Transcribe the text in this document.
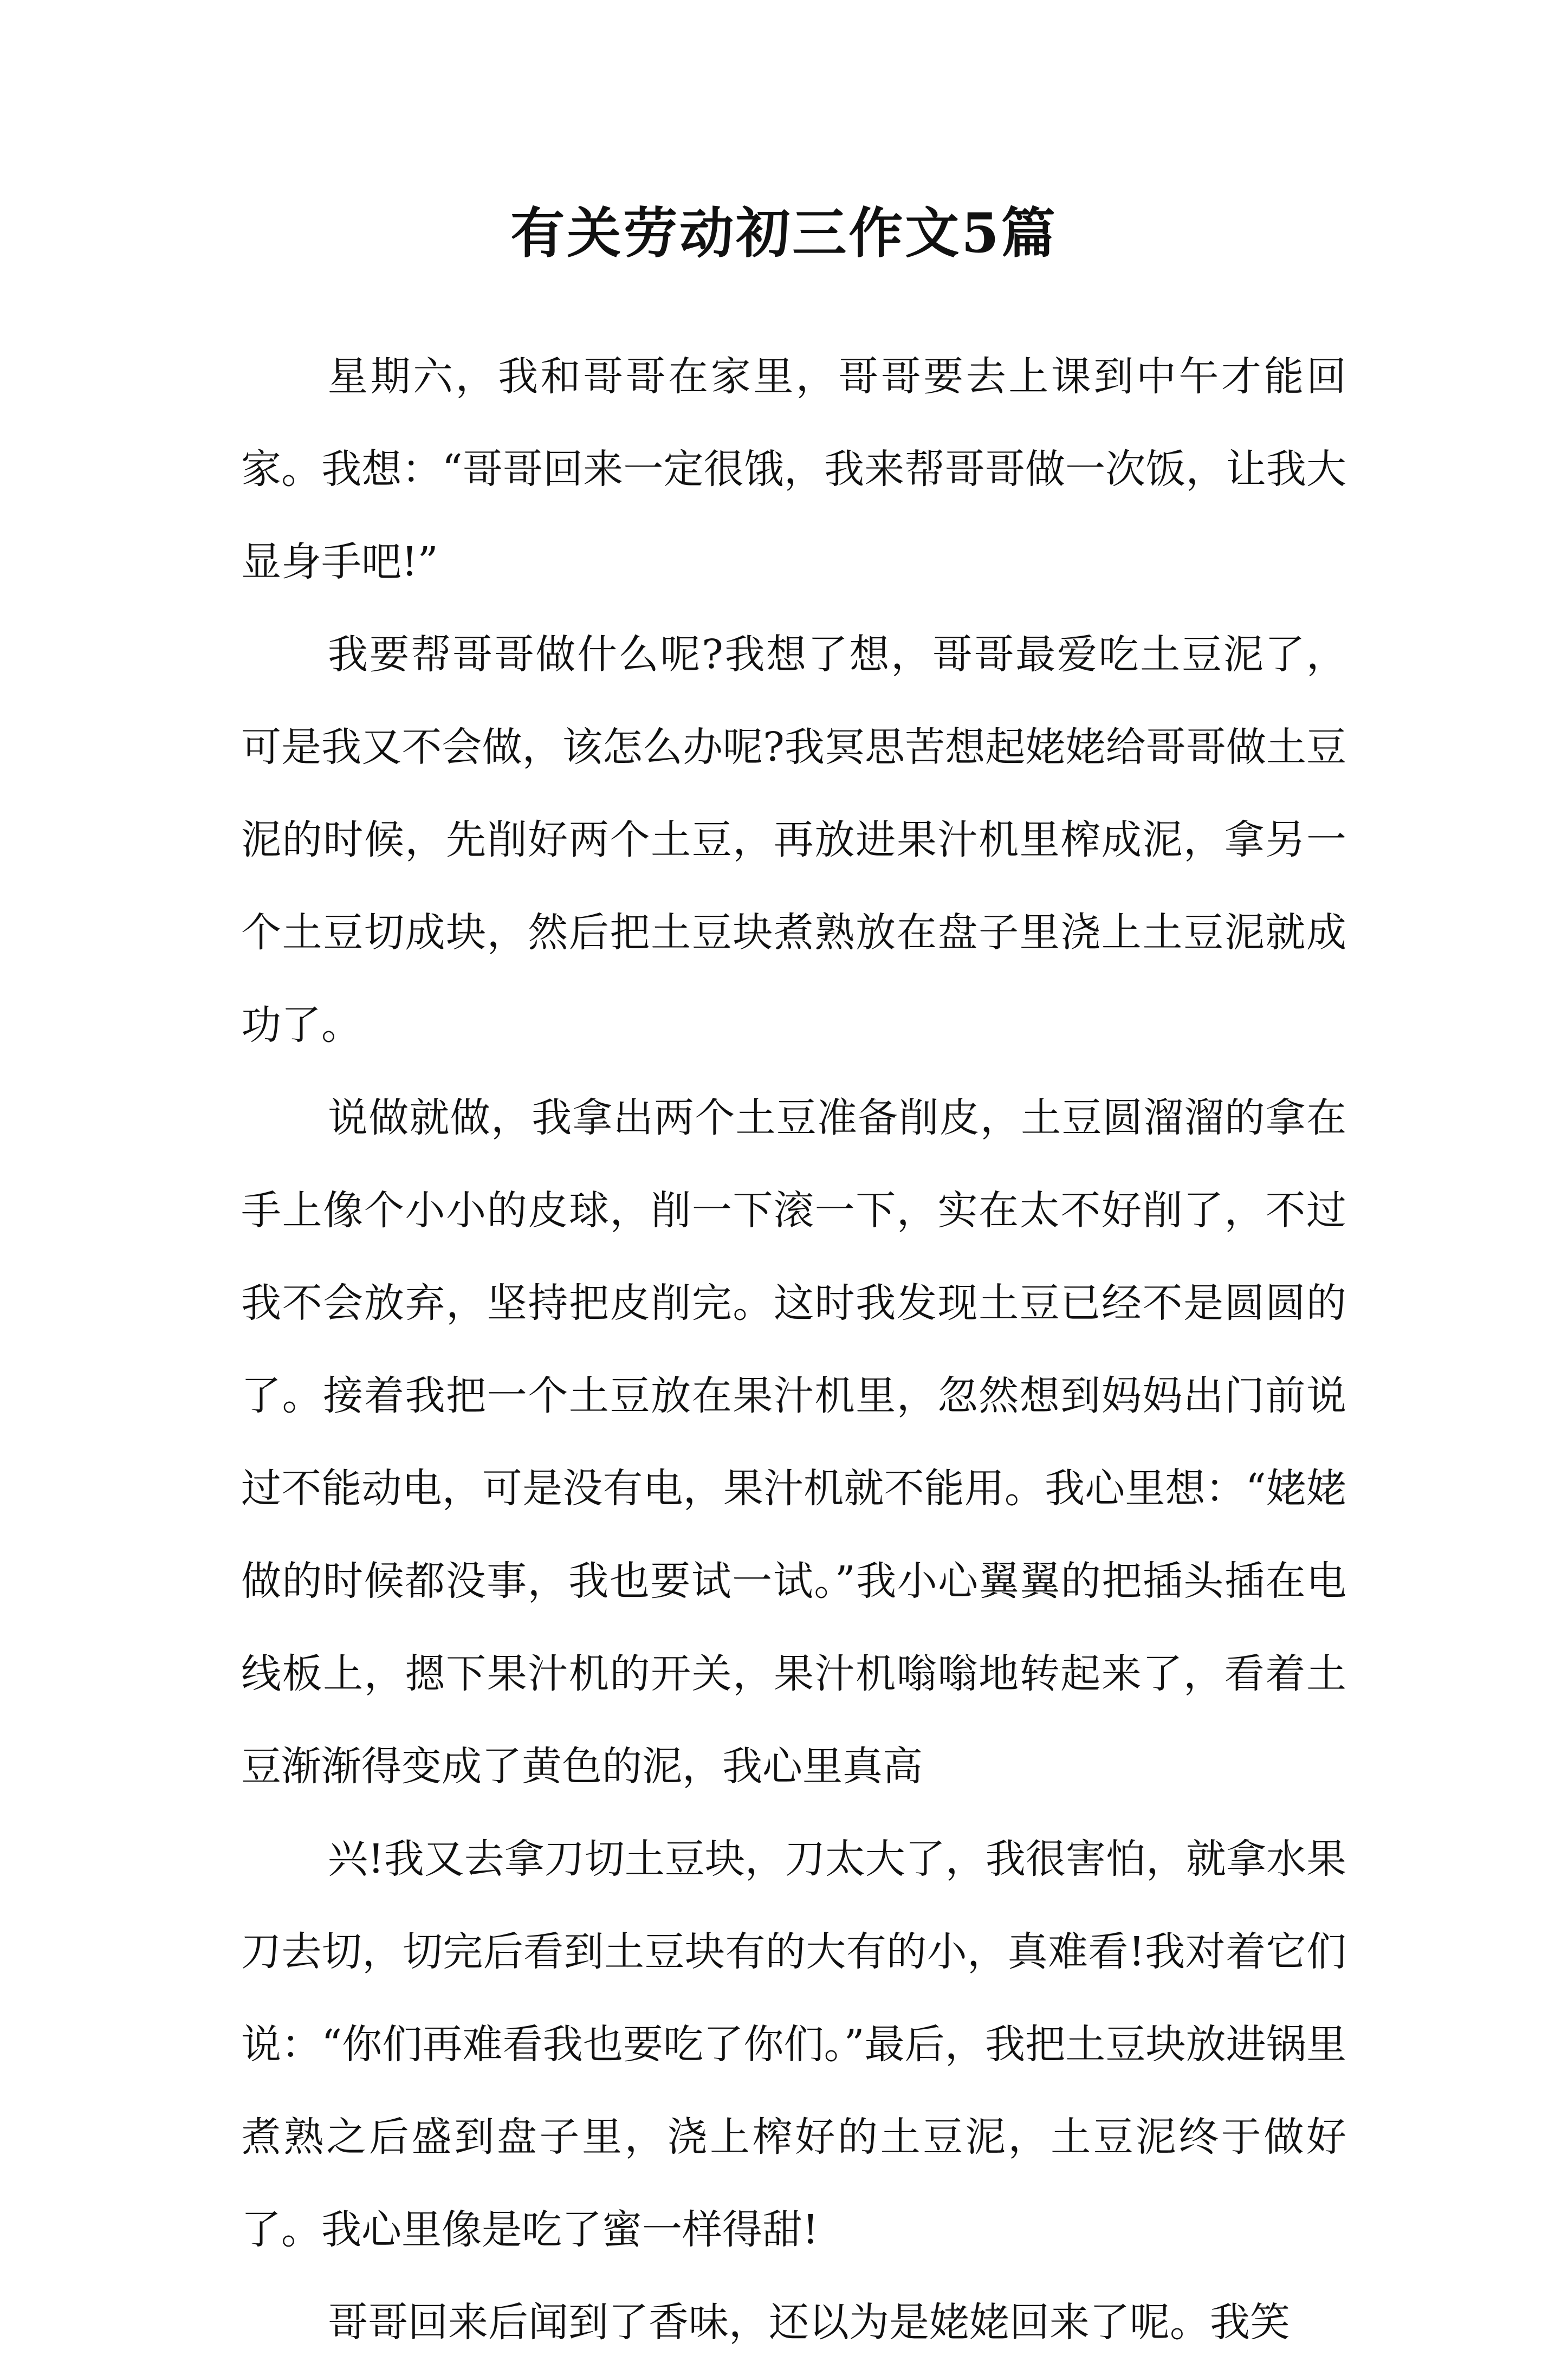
有关劳动初三作文5篇

星期六，我和哥哥在家里，哥哥要去上课到中午才能回家。我想：“哥哥回来一定很饿，我来帮哥哥做一次饭，让我大显身手吧!”

我要帮哥哥做什么呢?我想了想，哥哥最爱吃土豆泥了，可是我又不会做，该怎么办呢?我冥思苦想起姥姥给哥哥做土豆泥的时候，先削好两个土豆，再放进果汁机里榨成泥，拿另一个土豆切成块，然后把土豆块煮熟放在盘子里浇上土豆泥就成功了。

说做就做，我拿出两个土豆准备削皮，土豆圆溜溜的拿在手上像个小小的皮球，削一下滚一下，实在太不好削了，不过我不会放弃，坚持把皮削完。这时我发现土豆已经不是圆圆的了。接着我把一个土豆放在果汁机里，忽然想到妈妈出门前说过不能动电，可是没有电，果汁机就不能用。我心里想：“姥姥做的时候都没事，我也要试一试。”我小心翼翼的把插头插在电线板上，摁下果汁机的开关，果汁机嗡嗡地转起来了，看着土豆渐渐得变成了黄色的泥，我心里真高

兴!我又去拿刀切土豆块，刀太大了，我很害怕，就拿水果刀去切，切完后看到土豆块有的大有的小，真难看!我对着它们说：“你们再难看我也要吃了你们。”最后，我把土豆块放进锅里煮熟之后盛到盘子里，浇上榨好的土豆泥，土豆泥终于做好了。我心里像是吃了蜜一样得甜!

哥哥回来后闻到了香味，还以为是姥姥回来了呢。我笑
